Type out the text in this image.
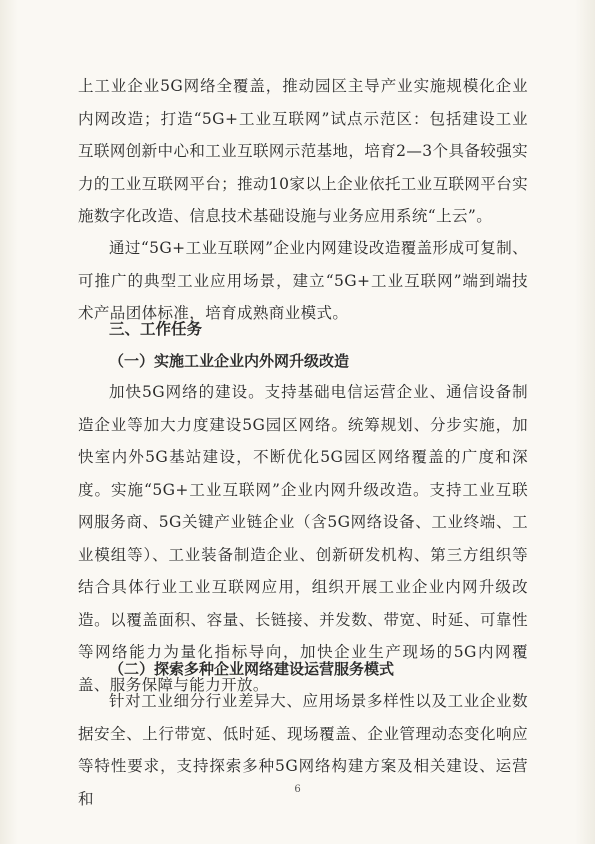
上工业企业5G网络全覆盖，推动园区主导产业实施规模化企业内网改造；打造“5G+工业互联网”试点示范区：包括建设工业互联网创新中心和工业互联网示范基地，培育2—3个具备较强实力的工业互联网平台；推动10家以上企业依托工业互联网平台实施数字化改造、信息技术基础设施与业务应用系统“上云”。

通过“5G+工业互联网”企业内网建设改造覆盖形成可复制、可推广的典型工业应用场景，建立“5G+工业互联网”端到端技术产品团体标准，培育成熟商业模式。

三、工作任务
（一）实施工业企业内外网升级改造

加快5G网络的建设。支持基础电信运营企业、通信设备制造企业等加大力度建设5G园区网络。统筹规划、分步实施，加快室内外5G基站建设，不断优化5G园区网络覆盖的广度和深度。实施“5G+工业互联网”企业内网升级改造。支持工业互联网服务商、5G关键产业链企业（含5G网络设备、工业终端、工业模组等）、工业装备制造企业、创新研发机构、第三方组织等结合具体行业工业互联网应用，组织开展工业企业内网升级改造。以覆盖面积、容量、长链接、并发数、带宽、时延、可靠性等网络能力为量化指标导向，加快企业生产现场的5G内网覆盖、服务保障与能力开放。

（二）探索多种企业网络建设运营服务模式

针对工业细分行业差异大、应用场景多样性以及工业企业数据安全、上行带宽、低时延、现场覆盖、企业管理动态变化响应等特性要求，支持探索多种5G网络构建方案及相关建设、运营和	6
